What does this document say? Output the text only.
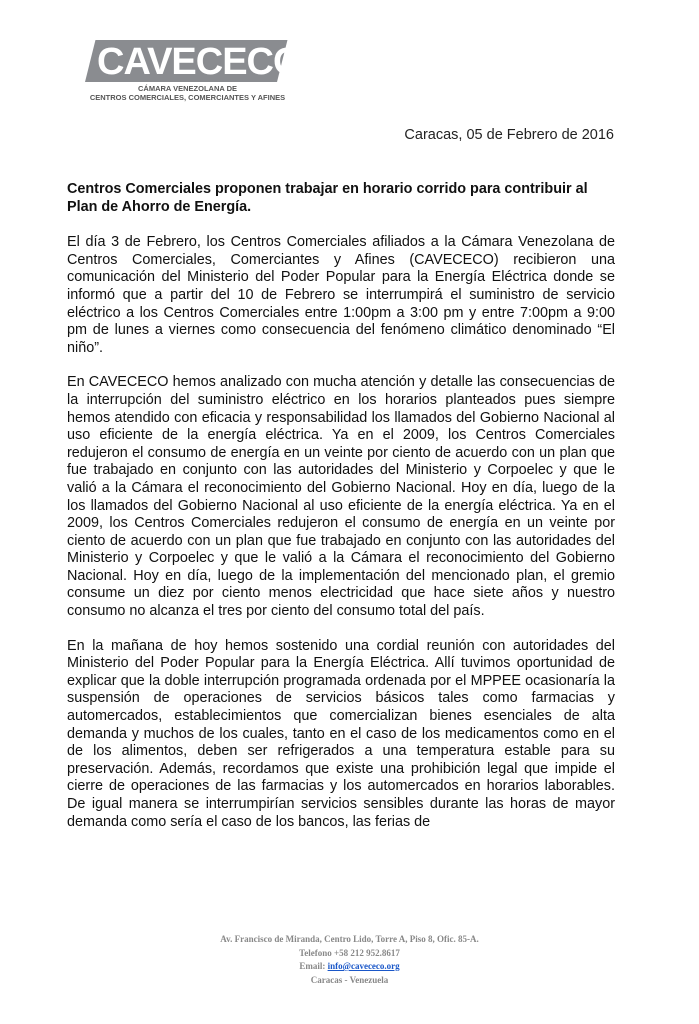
CAVECECO
CÁMARA VENEZOLANA DE
CENTROS COMERCIALES, COMERCIANTES Y AFINES
Caracas, 05 de Febrero de 2016

Centros Comerciales proponen trabajar en horario corrido para contribuir al Plan de Ahorro de Energía.

El día 3 de Febrero, los Centros Comerciales afiliados a la Cámara Venezolana de Centros Comerciales, Comerciantes y Afines (CAVECECO) recibieron una comunicación del Ministerio del Poder Popular para la Energía Eléctrica donde se informó que a partir del 10 de Febrero se interrumpirá el suministro de servicio eléctrico a los Centros Comerciales entre 1:00pm a 3:00 pm y entre 7:00pm a 9:00 pm de lunes a viernes como consecuencia del fenómeno climático denominado “El niño”.

En CAVECECO hemos analizado con mucha atención y detalle las consecuencias de la interrupción del suministro eléctrico en los horarios planteados pues siempre hemos atendido con eficacia y responsabilidad los llamados del Gobierno Nacional al uso eficiente de la energía eléctrica. Ya en el 2009, los Centros Comerciales redujeron el consumo de energía en un veinte por ciento de acuerdo con un plan que fue trabajado en conjunto con las autoridades del Ministerio y Corpoelec y que le valió a la Cámara el reconocimiento del Gobierno Nacional. Hoy en día, luego de la los llamados del Gobierno Nacional al uso eficiente de la energía eléctrica. Ya en el 2009, los Centros Comerciales redujeron el consumo de energía en un veinte por ciento de acuerdo con un plan que fue trabajado en conjunto con las autoridades del Ministerio y Corpoelec y que le valió a la Cámara el reconocimiento del Gobierno Nacional. Hoy en día, luego de la implementación del mencionado plan, el gremio consume un diez por ciento menos electricidad que hace siete años y nuestro consumo no alcanza el tres por ciento del consumo total del país.

En la mañana de hoy hemos sostenido una cordial reunión con autoridades del Ministerio del Poder Popular para la Energía Eléctrica. Allí tuvimos oportunidad de explicar que la doble interrupción programada ordenada por el MPPEE ocasionaría la suspensión de operaciones de servicios básicos tales como farmacias y automercados, establecimientos que comercializan bienes esenciales de alta demanda y muchos de los cuales, tanto en el caso de los medicamentos como en el de los alimentos, deben ser refrigerados a una temperatura estable para su preservación. Además, recordamos que existe una prohibición legal que impide el cierre de operaciones de las farmacias y los automercados en horarios laborables. De igual manera se interrumpirían servicios sensibles durante las horas de mayor demanda como sería el caso de los bancos, las ferias de

Av. Francisco de Miranda, Centro Lido, Torre A, Piso 8, Ofic. 85-A.
Telefono +58 212 952.8617
Email: info@cavececo.org
Caracas - Venezuela
